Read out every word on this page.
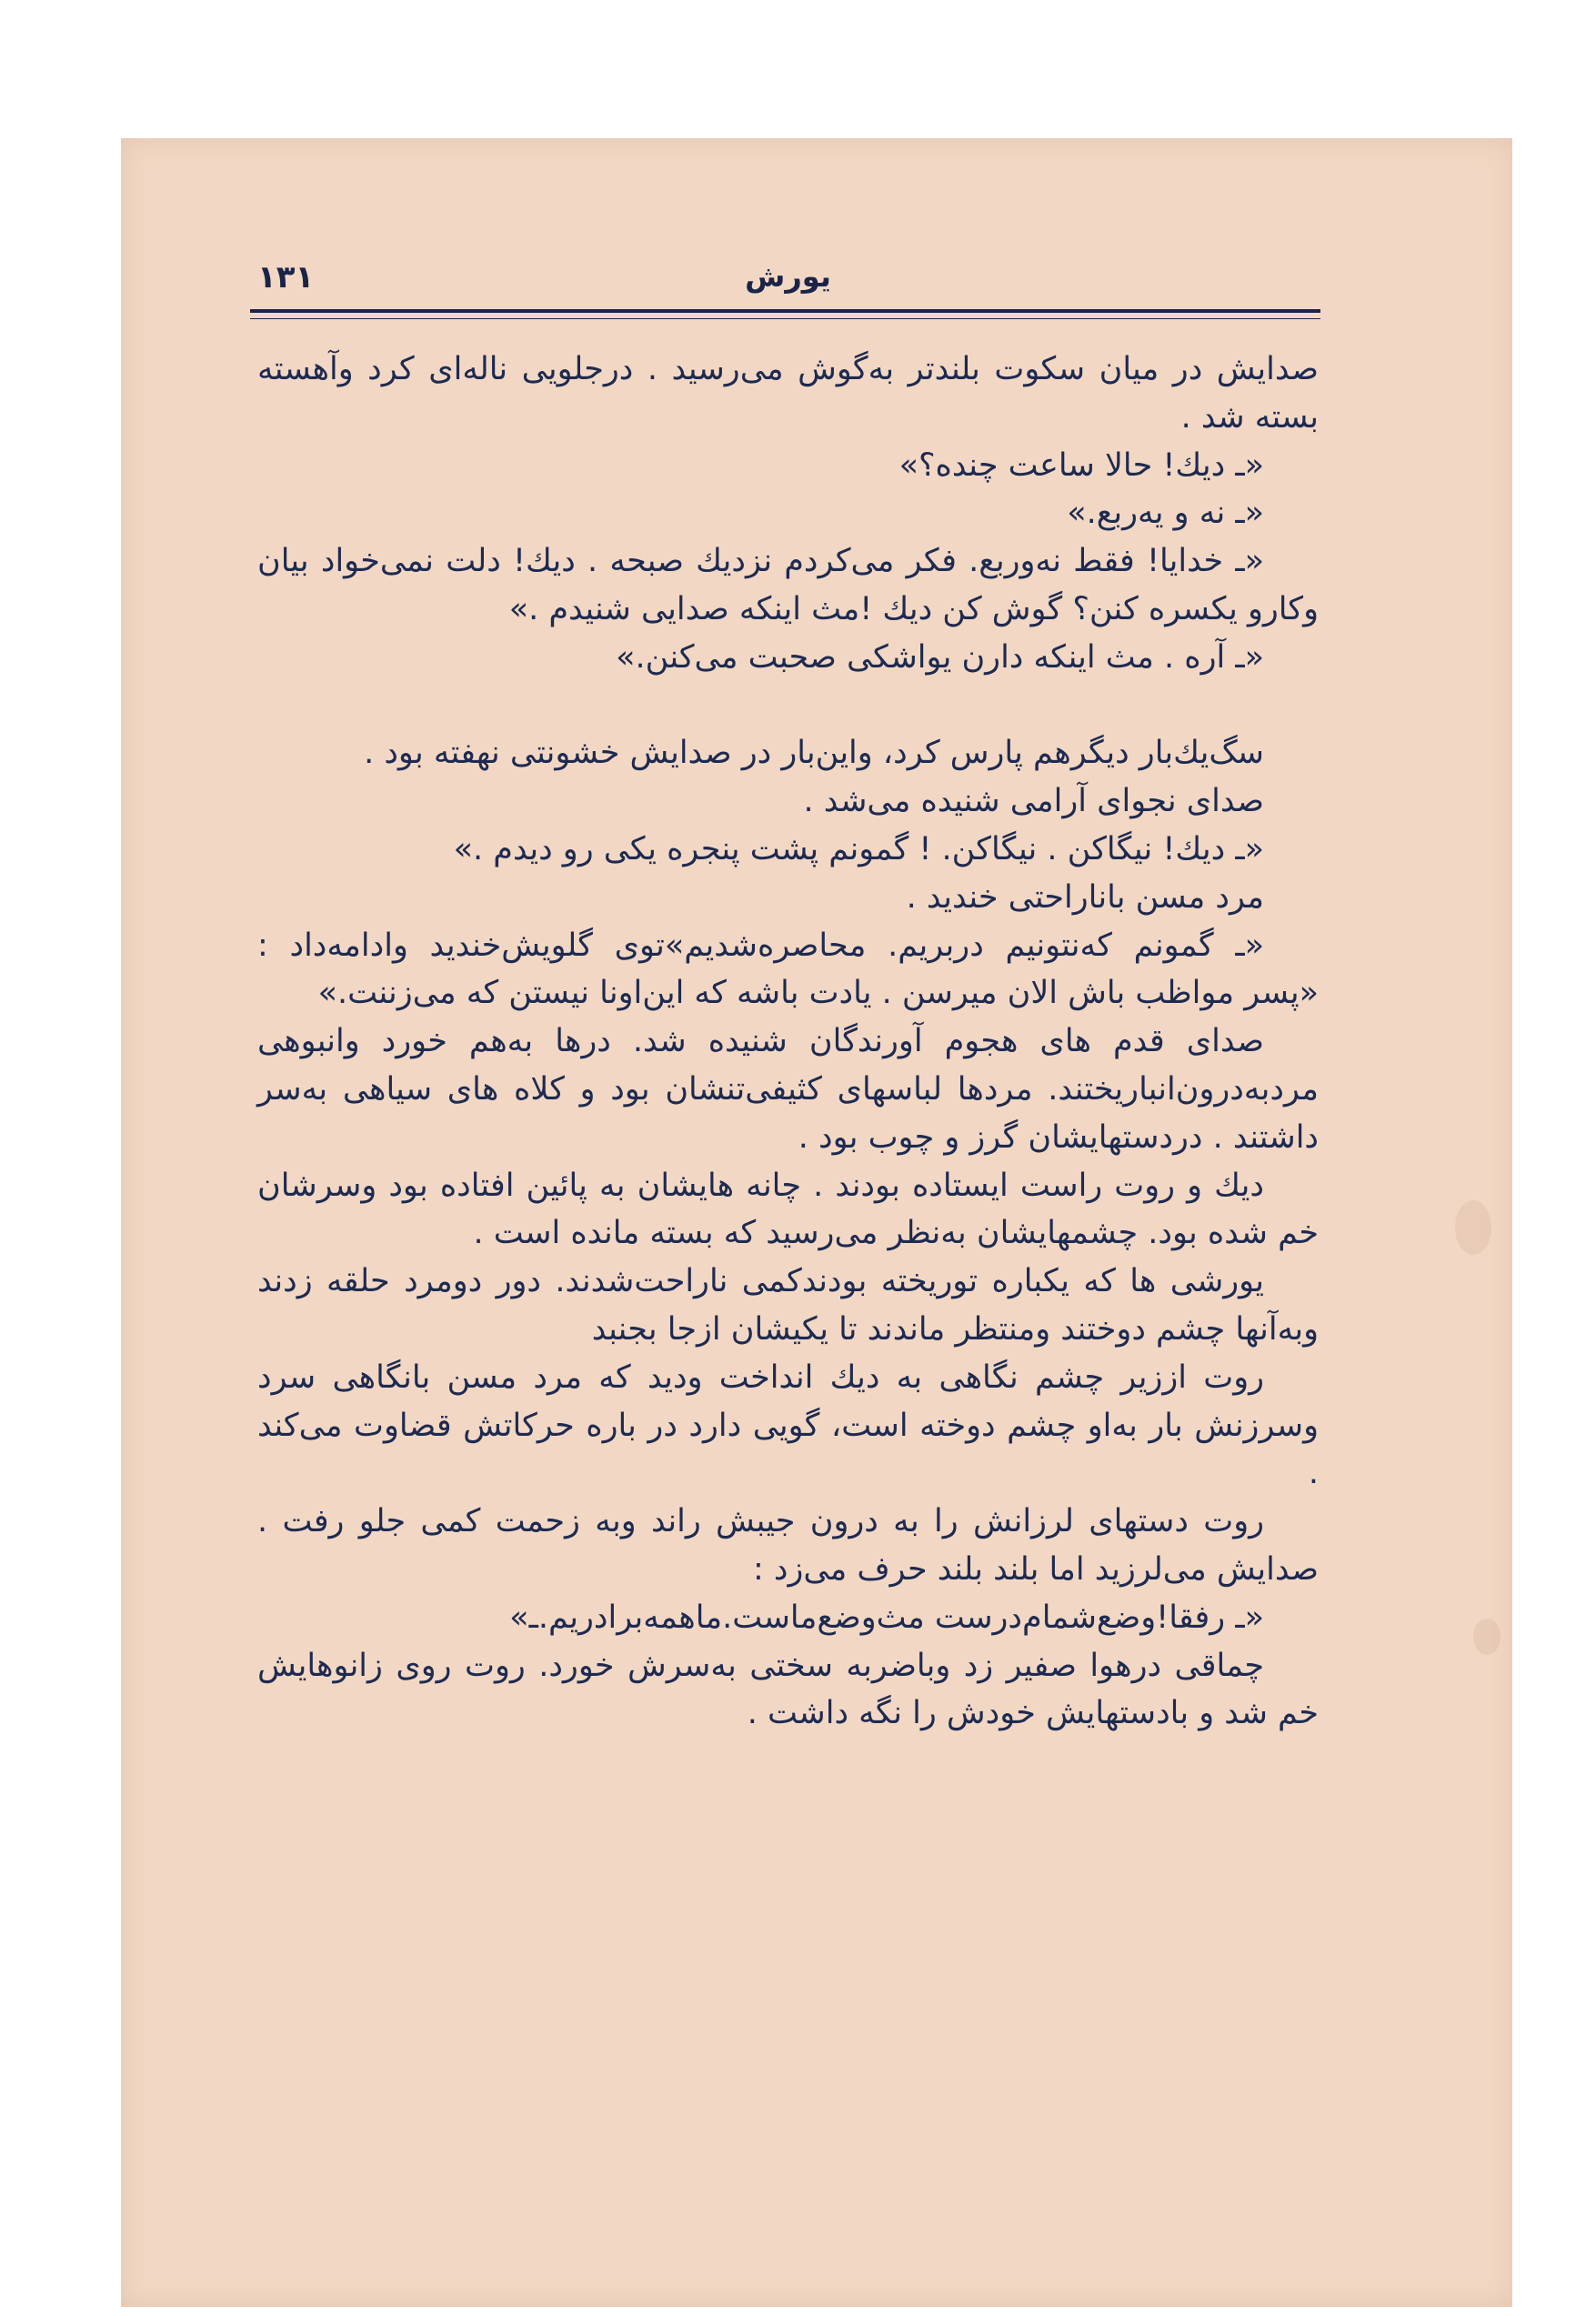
۱۳۱	یورش

صدایش در میان سکوت بلندتر به‌گوش می‌رسید . درجلویی ناله‌ای کرد وآهسته بسته شد .

«ـ دیك! حالا ساعت چنده؟»

«ـ نه و یه‌ربع.»

«ـ خدایا! فقط نه‌وربع. فکر می‌کردم نزدیك صبحه . دیك! دلت نمی‌خواد بیان وکارو یکسره کنن؟ گوش کن دیك !مث اینکه صدایی شنیدم .»

«ـ آره . مث اینکه دارن یواشکی صحبت می‌کنن.»

سگ‌یك‌بار دیگرهم پارس کرد، واین‌بار در صدایش خشونتی نهفته بود .

صدای نجوای آرامی شنیده می‌شد .

«ـ دیك! نیگاکن . نیگاکن. ! گمونم پشت پنجره یکی رو دیدم .»

مرد مسن باناراحتی خندید .

«ـ گمونم که‌نتونیم دربریم. محاصره‌شدیم»توی گلویش‌خندید وادامه‌داد : «پسر مواظب باش الان میرسن . یادت باشه که این‌اونا نیستن که می‌زننت.»

صدای قدم های هجوم آورندگان شنیده شد. درها به‌هم خورد وانبوهی مردبه‌درون‌انباریختند. مردها لباسهای کثیفی‌تنشان بود و کلاه های سیاهی به‌سر داشتند . دردستهایشان گرز و چوب بود .

دیك و روت راست ایستاده بودند . چانه هایشان به پائین افتاده بود وسرشان خم شده بود. چشمهایشان به‌نظر می‌رسید که بسته مانده است .

یورشی ها که یکباره توریخته بودندکمی ناراحت‌شدند. دور دومرد حلقه زدند وبه‌آنها چشم دوختند ومنتظر ماندند تا یکیشان ازجا بجنبد

روت اززیر چشم نگاهی به دیك انداخت ودید که مرد مسن بانگاهی سرد وسرزنش بار به‌او چشم دوخته است، گویی دارد در باره حرکاتش قضاوت می‌کند .

روت دستهای لرزانش را به درون جیبش راند وبه زحمت کمی جلو رفت . صدایش می‌لرزید اما بلند بلند حرف می‌زد :

«ـ رفقا!وضع‌شمام‌درست مث‌وضع‌ماست.ماهمه‌برادریم.ـ»

چماقی درهوا صفیر زد وباضربه سختی به‌سرش خورد. روت روی زانوهایش خم شد و بادستهایش خودش را نگه داشت .
